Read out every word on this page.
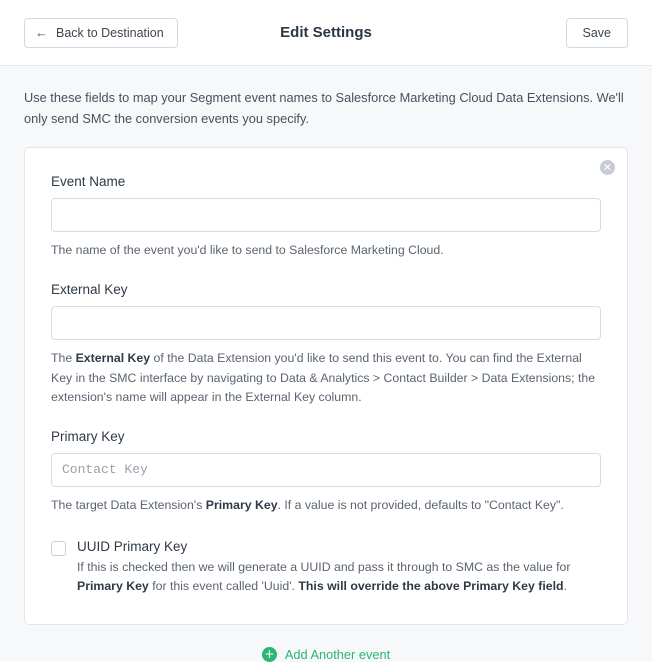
← Back to Destination	Edit Settings	Save

Use these fields to map your Segment event names to Salesforce Marketing Cloud Data Extensions. We'll only send SMC the conversion events you specify.

✕
Event Name

The name of the event you'd like to send to Salesforce Marketing Cloud.

External Key

The External Key of the Data Extension you'd like to send this event to. You can find the External Key in the SMC interface by navigating to Data & Analytics > Contact Builder > Data Extensions; the extension's name will appear in the External Key column.

Primary Key
Contact Key

The target Data Extension's Primary Key. If a value is not provided, defaults to "Contact Key".

UUID Primary Key

If this is checked then we will generate a UUID and pass it through to SMC as the value for Primary Key for this event called 'Uuid'. This will override the above Primary Key field.

+ Add Another event
